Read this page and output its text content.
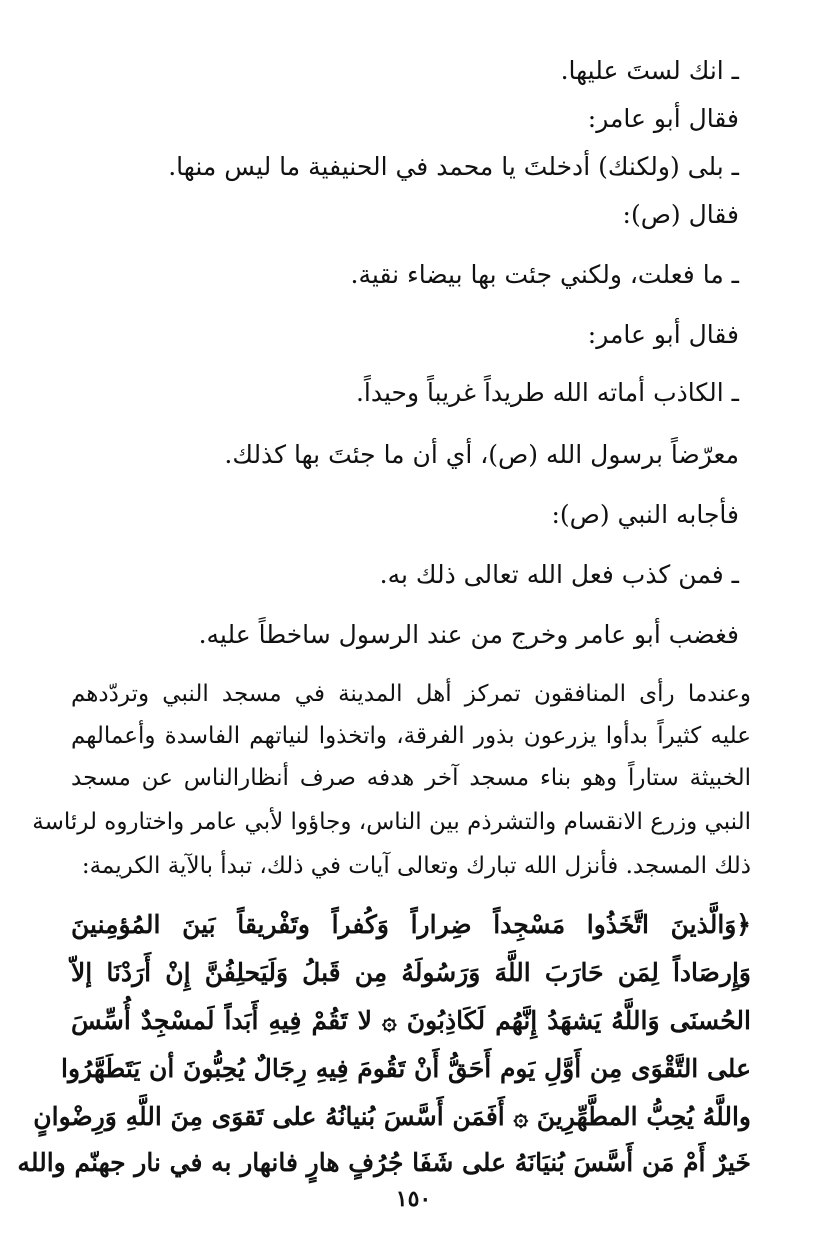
ـ انك لستَ عليها.
فقال أبو عامر:
ـ بلى (ولكنك) أدخلتَ يا محمد في الحنيفية ما ليس منها.
فقال (ص):
ـ ما فعلت، ولكني جئت بها بيضاء نقية.
فقال أبو عامر:
ـ الكاذب أماته الله طريداً غريباً وحيداً.
معرّضاً برسول الله (ص)، أي أن ما جئتَ بها كذلك.
فأجابه النبي (ص):
ـ فمن كذب فعل الله تعالى ذلك به.
فغضب أبو عامر وخرج من عند الرسول ساخطاً عليه.
وعندما رأى المنافقون تمركز أهل المدينة في مسجد النبي وتردّدهم
عليه كثيراً بدأوا يزرعون بذور الفرقة، واتخذوا لنياتهم الفاسدة وأعمالهم
الخبيثة ستاراً وهو بناء مسجد آخر هدفه صرف أنظارالناس عن مسجد
النبي وزرع الانقسام والتشرذم بين الناس، وجاؤوا لأبي عامر واختاروه لرئاسة
ذلك المسجد. فأنزل الله تبارك وتعالى آيات في ذلك، تبدأ بالآية الكريمة:
﴿وَالَّذينَ اتَّخَذُوا مَسْجِداً ضِراراً وَكُفراً وتَفْريقاً بَينَ المُؤمِنينَ
وَإِرصَاداً لِمَن حَارَبَ اللَّهَ وَرَسُولَهُ مِن قَبلُ وَلَيَحلِفُنَّ إِنْ أَرَدْنَا إلاّ
الحُسنَى وَاللَّهُ يَشهَدُ إِنَّهُم لَكَاذِبُونَ ۞ لا تَقُمْ فِيهِ أَبَداً لَمسْجِدٌ أُسِّسَ
على التَّقْوَى مِن أَوَّلِ يَوم أَحَقُّ أَنْ تَقُومَ فِيهِ رِجَالٌ يُحِبُّونَ أن يَتَطَهَّرُوا
واللَّهُ يُحِبُّ المطَّهِّرِينَ ۞ أَفَمَن أَسَّسَ بُنيانُهُ على تَقوَى مِنَ اللَّهِ وَرِضْوانٍ
خَيرٌ أَمْ مَن أَسَّسَ بُنيَانَهُ على شَفَا جُرُفٍ هارٍ فانهار به في نار جهنّم والله
١٥٠
